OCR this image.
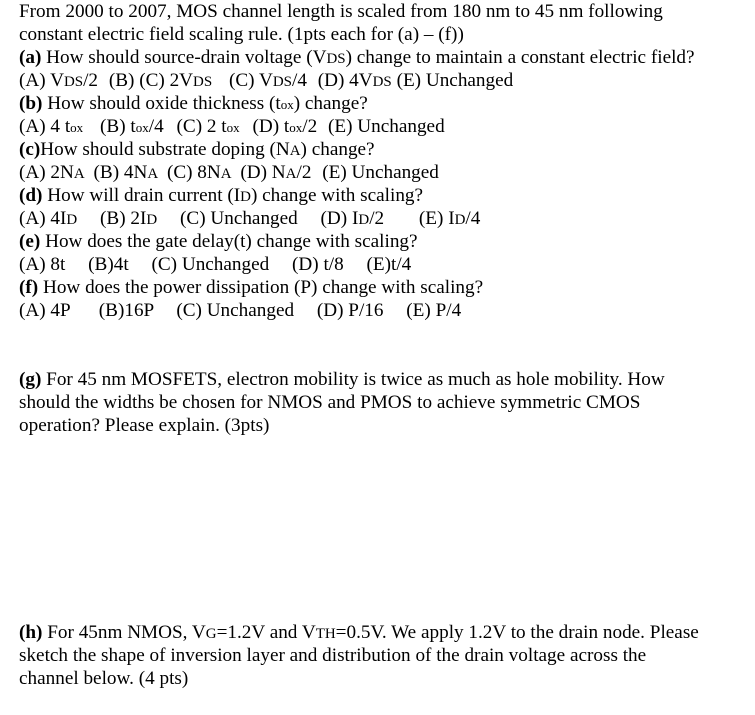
From 2000 to 2007, MOS channel length is scaled from 180 nm to 45 nm following
constant electric field scaling rule. (1pts each for (a) – (f))
(a) How should source-drain voltage (VDS) change to maintain a constant electric field?
(A) VDS/2 (B) (C) 2VDS (C) VDS/4 (D) 4VDS (E) Unchanged
(b) How should oxide thickness (tox) change?
(A) 4 tox (B) tox/4 (C) 2 tox (D) tox/2 (E) Unchanged
(c)How should substrate doping (NA) change?
(A) 2NA (B) 4NA (C) 8NA (D) NA/2 (E) Unchanged
(d) How will drain current (ID) change with scaling?
(A) 4ID (B) 2ID (C) Unchanged (D) ID/2 (E) ID/4
(e) How does the gate delay(t) change with scaling?
(A) 8t (B)4t (C) Unchanged (D) t/8 (E)t/4
(f) How does the power dissipation (P) change with scaling?
(A) 4P (B)16P (C) Unchanged (D) P/16 (E) P/4
(g) For 45 nm MOSFETS, electron mobility is twice as much as hole mobility. How
should the widths be chosen for NMOS and PMOS to achieve symmetric CMOS
operation? Please explain. (3pts)
(h) For 45nm NMOS, VG=1.2V and VTH=0.5V. We apply 1.2V to the drain node. Please
sketch the shape of inversion layer and distribution of the drain voltage across the
channel below. (4 pts)
